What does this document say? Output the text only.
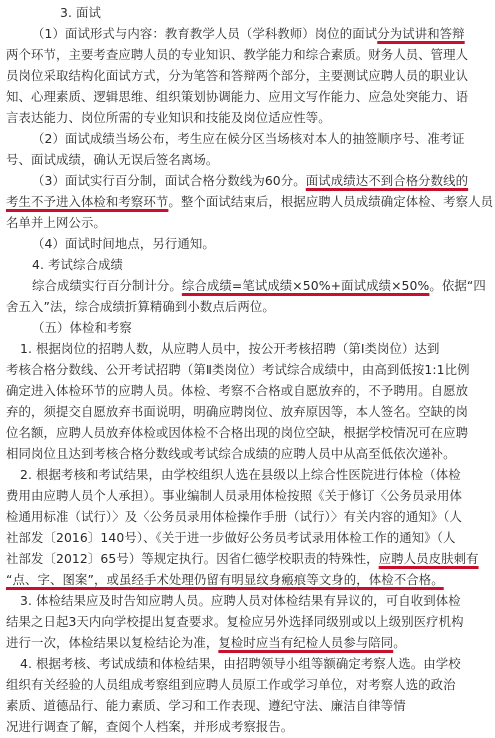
3. 面试
（1）面试形式与内容：教育教学人员（学科教师）岗位的面试分为试讲和答辩
两个环节，主要考查应聘人员的专业知识、教学能力和综合素质。财务人员、管理人
员岗位采取结构化面试方式，分为笔答和答辩两个部分，主要测试应聘人员的职业认
知、心理素质、逻辑思维、组织策划协调能力、应用文写作能力、应急处突能力、语
言表达能力、岗位所需的专业知识和技能及岗位适应性等。
（2）面试成绩当场公布，考生应在候分区当场核对本人的抽签顺序号、准考证
号、面试成绩，确认无误后签名离场。
（3）面试实行百分制，面试合格分数线为60分。面试成绩达不到合格分数线的
考生不予进入体检和考察环节。整个面试结束后，根据应聘人员成绩确定体检、考察人员
名单并上网公示。
（4）面试时间地点，另行通知。
4. 考试综合成绩
综合成绩实行百分制计分。综合成绩=笔试成绩×50%+面试成绩×50%。依据“四
舍五入”法，综合成绩折算精确到小数点后两位。
（五）体检和考察
1. 根据岗位的招聘人数，从应聘人员中，按公开考核招聘（第Ⅰ类岗位）达到
考核合格分数线、公开考试招聘（第Ⅱ类岗位）考试综合成绩中，由高到低按1:1比例
确定进入体检环节的应聘人员。体检、考察不合格或自愿放弃的，不予聘用。自愿放
弃的，须提交自愿放弃书面说明，明确应聘岗位、放弃原因等，本人签名。空缺的岗
位名额，应聘人员放弃体检或因体检不合格出现的岗位空缺，根据学校情况可在应聘
相同岗位且达到考核合格分数线或考试综合成绩的应聘人员中从高至低依次递补。
2. 根据考核和考试结果，由学校组织人选在县级以上综合性医院进行体检（体检
费用由应聘人员个人承担）。事业编制人员录用体检按照《关于修订〈公务员录用体
检通用标准（试行）〉及〈公务员录用体检操作手册（试行）〉有关内容的通知》（人
社部发〔2016〕140号）、《关于进一步做好公务员考试录用体检工作的通知》（人
社部发〔2012〕65号）等规定执行。因省仁德学校职责的特殊性，应聘人员皮肤刺有
“点、字、图案”，或虽经手术处理仍留有明显纹身瘢痕等文身的，体检不合格。
3. 体检结果应及时告知应聘人员。应聘人员对体检结果有异议的，可自收到体检
结果之日起3天内向学校提出复查要求。复检应另外选择同级别或以上级别医疗机构
进行一次，体检结果以复检结论为准，复检时应当有纪检人员参与陪同。
4. 根据考核、考试成绩和体检结果，由招聘领导小组等额确定考察人选。由学校
组织有关经验的人员组成考察组到应聘人员原工作或学习单位，对考察人选的政治
素质、道德品行、能力素质、学习和工作表现、遵纪守法、廉洁自律等情
况进行调查了解，查阅个人档案，并形成考察报告。
